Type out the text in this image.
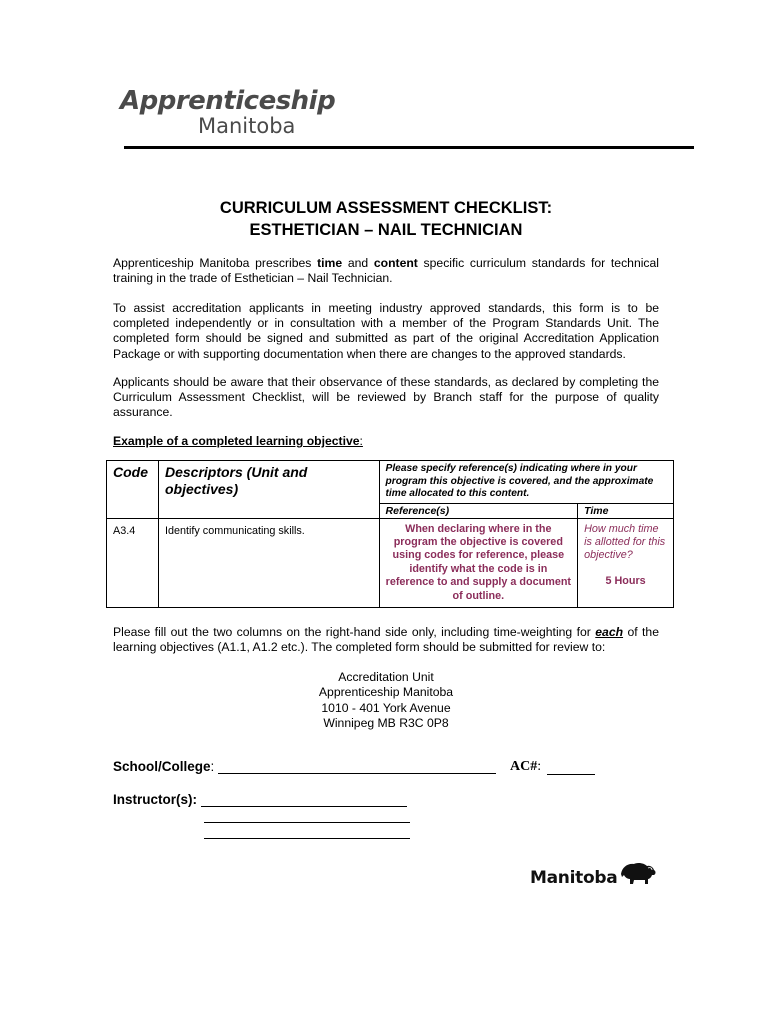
Apprenticeship
Manitoba
CURRICULUM ASSESSMENT CHECKLIST:
ESTHETICIAN – NAIL TECHNICIAN
Apprenticeship Manitoba prescribes time and content specific curriculum standards for technical training in the trade of Esthetician – Nail Technician.
To assist accreditation applicants in meeting industry approved standards, this form is to be completed independently or in consultation with a member of the Program Standards Unit. The completed form should be signed and submitted as part of the original Accreditation Application Package or with supporting documentation when there are changes to the approved standards.
Applicants should be aware that their observance of these standards, as declared by completing the Curriculum Assessment Checklist, will be reviewed by Branch staff for the purpose of quality assurance.
Example of a completed learning objective:
Code	Descriptors (Unit and objectives)	Please specify reference(s) indicating where in your program this objective is covered, and the approximate time allocated to this content.	
		Reference(s)	Time
A3.4	Identify communicating skills.	When declaring where in the program the objective is covered using codes for reference, please identify what the code is in reference to and supply a document of outline.	How much time is allotted for this objective?
5 Hours
Please fill out the two columns on the right-hand side only, including time-weighting for each of the learning objectives (A1.1, A1.2 etc.). The completed form should be submitted for review to:
Accreditation Unit
Apprenticeship Manitoba
1010 - 401 York Avenue
Winnipeg MB R3C 0P8
School/College:	AC#:
Instructor(s):
Manitoba
